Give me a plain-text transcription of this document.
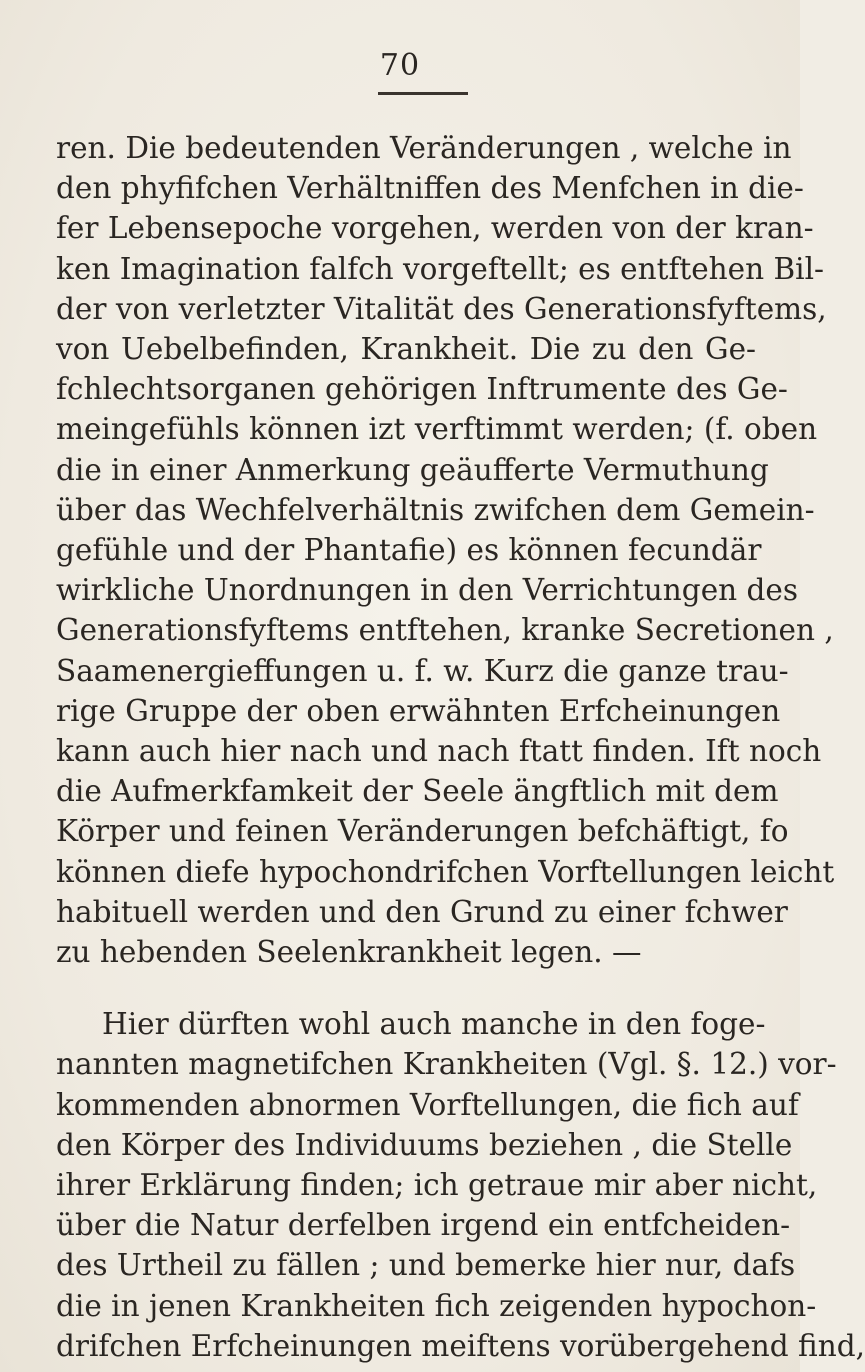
70
ren. Die bedeutenden Veränderungen , welche in
den phyfifchen Verhältniffen des Menfchen in die-
fer Lebensepoche vorgehen, werden von der kran-
ken Imagination falfch vorgeftellt; es entftehen Bil-
der von verletzter Vitalität des Generationsfyftems,
von Uebelbefinden, Krankheit. Die zu den Ge-
fchlechtsorganen gehörigen Inftrumente des Ge-
meingefühls können izt verftimmt werden; (f. oben
die in einer Anmerkung geäufferte Vermuthung
über das Wechfelverhältnis zwifchen dem Gemein-
gefühle und der Phantafie) es können fecundär
wirkliche Unordnungen in den Verrichtungen des
Generationsfyftems entftehen, kranke Secretionen ,
Saamenergieffungen u. f. w. Kurz die ganze trau-
rige Gruppe der oben erwähnten Erfcheinungen
kann auch hier nach und nach ftatt finden. Ift noch
die Aufmerkfamkeit der Seele ängftlich mit dem
Körper und feinen Veränderungen befchäftigt, fo
können diefe hypochondrifchen Vorftellungen leicht
habituell werden und den Grund zu einer fchwer
zu hebenden Seelenkrankheit legen. —
Hier dürften wohl auch manche in den foge-
nannten magnetifchen Krankheiten (Vgl. §. 12.) vor-
kommenden abnormen Vorftellungen, die fich auf
den Körper des Individuums beziehen , die Stelle
ihrer Erklärung finden; ich getraue mir aber nicht,
über die Natur derfelben irgend ein entfcheiden-
des Urtheil zu fällen ; und bemerke hier nur, dafs
die in jenen Krankheiten fich zeigenden hypochon-
drifchen Erfcheinungen meiftens vorübergehend find,
